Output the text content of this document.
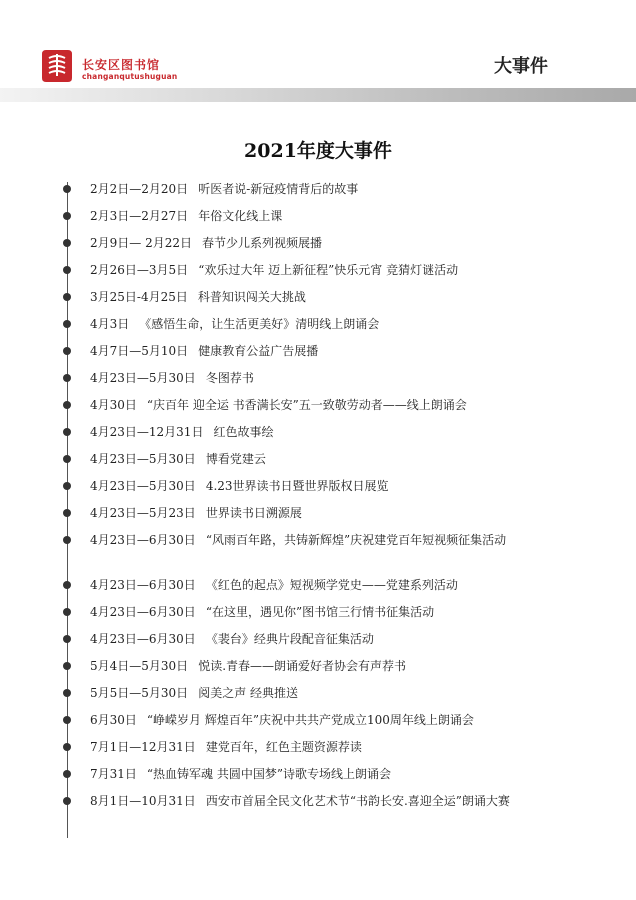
长安区图书馆
changanqutushuguan	大事件
2021年度大事件
2月2日—2月20日 听医者说-新冠疫情背后的故事
2月3日—2月27日 年俗文化线上课
2月9日— 2月22日 春节少儿系列视频展播
2月26日—3月5日 “欢乐过大年 迈上新征程”快乐元宵 竞猜灯谜活动
3月25日-4月25日 科普知识闯关大挑战
4月3日 《感悟生命，让生活更美好》清明线上朗诵会
4月7日—5月10日 健康教育公益广告展播
4月23日—5月30日 冬图荐书
4月30日 “庆百年 迎全运 书香满长安”五一致敬劳动者——线上朗诵会
4月23日—12月31日 红色故事绘
4月23日—5月30日 博看党建云
4月23日—5月30日 4.23世界读书日暨世界版权日展览
4月23日—5月23日 世界读书日溯源展
4月23日—6月30日 “风雨百年路，共铸新辉煌”庆祝建党百年短视频征集活动
4月23日—6月30日 《红色的起点》短视频学党史——党建系列活动
4月23日—6月30日 “在这里，遇见你”图书馆三行情书征集活动
4月23日—6月30日 《裴台》经典片段配音征集活动
5月4日—5月30日 悦读.青春——朗诵爱好者协会有声荐书
5月5日—5月30日 阅美之声 经典推送
6月30日 “峥嵘岁月 辉煌百年”庆祝中共共产党成立100周年线上朗诵会
7月1日—12月31日 建党百年，红色主题资源荐读
7月31日 “热血铸军魂 共圆中国梦”诗歌专场线上朗诵会
8月1日—10月31日 西安市首届全民文化艺术节“书韵长安.喜迎全运”朗诵大赛
